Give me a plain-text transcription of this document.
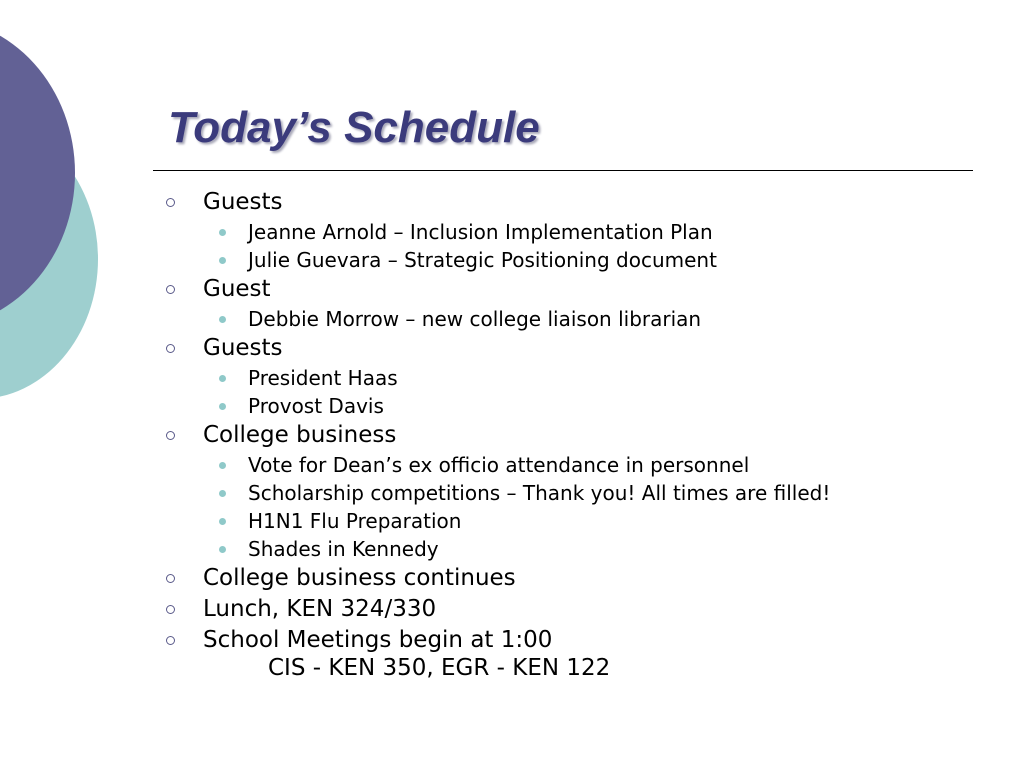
Today’s Schedule
Guests
Jeanne Arnold – Inclusion Implementation Plan
Julie Guevara – Strategic Positioning document
Guest
Debbie Morrow – new college liaison librarian
Guests
President Haas
Provost Davis
College business
Vote for Dean’s ex officio attendance in personnel
Scholarship competitions – Thank you! All times are filled!
H1N1 Flu Preparation
Shades in Kennedy
College business continues
Lunch, KEN 324/330
School Meetings begin at 1:00
CIS - KEN 350, EGR - KEN 122
